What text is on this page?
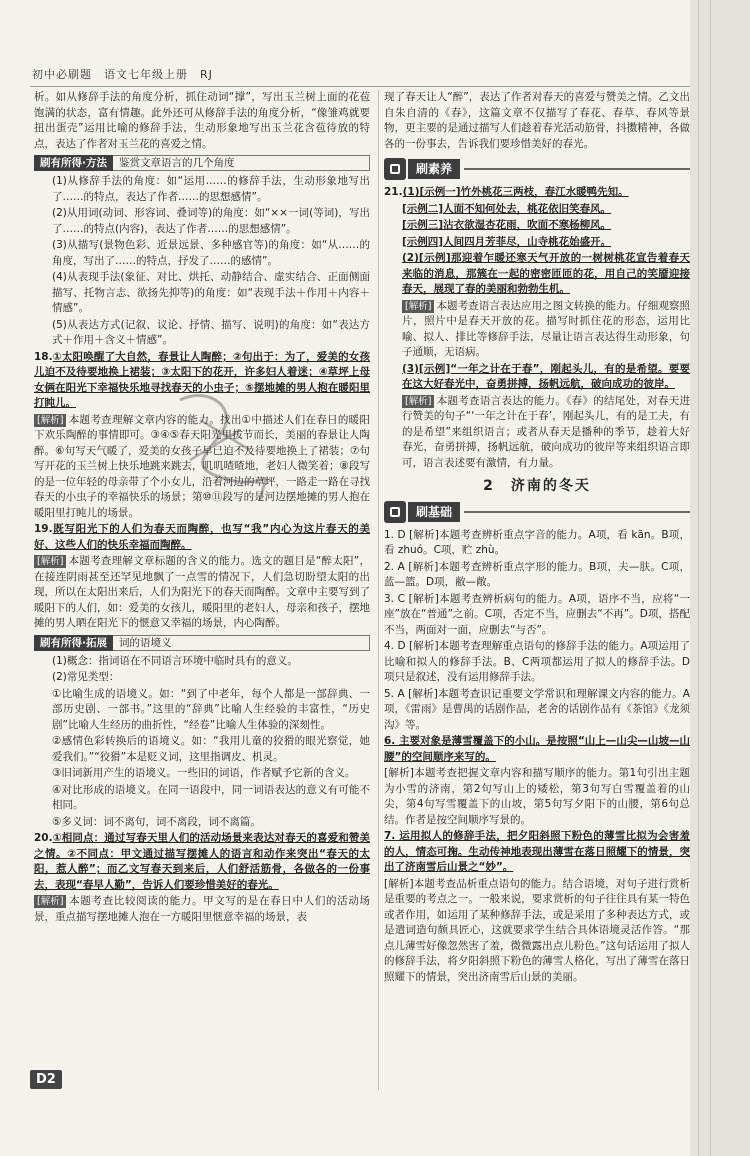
初中必刷题　语文七年级上册　RJ

析。如从修辞手法的角度分析，抓住动词“撑”，写出玉兰树上面的花苞饱满的状态，富有情趣。此外还可从修辞手法的角度分析，“像雏鸡就要扭出蛋壳”运用比喻的修辞手法，生动形象地写出玉兰花含苞待放的特点，表达了作者对玉兰花的喜爱之情。

刷有所得·方法	鉴赏文章语言的几个角度

(1)从修辞手法的角度：如“运用……的修辞手法，生动形象地写出了……的特点，表达了作者……的思想感情”。

(2)从用词(动词、形容词、叠词等)的角度：如“××一词(等词)，写出了……的特点(内容)，表达了作者……的思想感情”。

(3)从描写(景物色彩、近景远景、多种感官等)的角度：如“从……的角度，写出了……的特点，抒发了……的感情”。

(4)从表现手法(象征、对比、烘托、动静结合、虚实结合、正面侧面描写、托物言志、欲扬先抑等)的角度：如“表现手法＋作用＋内容＋情感”。

(5)从表达方式(记叙、议论、抒情、描写、说明)的角度：如“表达方式＋作用＋含义＋情感”。

18.①太阳唤醒了大自然，春景让人陶醉；②句出于：为了，爱美的女孩儿迫不及待要地换上裙装；③太阳下的花开，许多妇人着迷；④草坪上母女俩在阳光下幸福快乐地寻找春天的小虫子；⑤摆地摊的男人抱在暖阳里打盹儿。

[解析] 本题考查理解文章内容的能力。找出①中描述人们在春日的暖阳下欢乐陶醉的事情即可。③④⑤春天阳光里拔节而长，美丽的春景让人陶醉。⑥句写天气暖了，爱美的女孩子早已迫不及待要地换上了裙装；⑦句写开花的玉兰树上快乐地跳来跳去，叽叽喳喳地，老妇人微笑着；⑧段写的是一位年轻的母亲带了个小女儿，沿着河边的草坪，一路走一路在寻找春天的小虫子的幸福快乐的场景；第⑩⑪段写的是河边摆地摊的男人抱在暖阳里打盹儿的场景。

19.既写阳光下的人们为春天而陶醉，也写“我”内心为这片春天的美好、这些人们的快乐幸福而陶醉。

[解析] 本题考查理解文章标题的含义的能力。选文的题目是“醉太阳”，在接连阴雨甚至还罕见地飘了一点雪的情况下，人们急切盼望太阳的出现，所以在太阳出来后，人们为阳光下的春天而陶醉。文章中主要写到了暖阳下的人们，如：爱美的女孩儿，暖阳里的老妇人，母亲和孩子，摆地摊的男人晒在阳光下的惬意又幸福的场景，内心陶醉。

刷有所得·拓展	词的语境义

(1)概念：指词语在不同语言环境中临时具有的意义。

(2)常见类型：

①比喻生成的语境义。如：“到了中老年，每个人都是一部辞典、一部历史剧、一部书。”这里的“辞典”比喻人生经验的丰富性，“历史剧”比喻人生经历的曲折性，“经卷”比喻人生体验的深刻性。

②感情色彩转换后的语境义。如：“我用儿童的狡猾的眼光察觉，她爱我们。”“狡猾”本是贬义词，这里指调皮、机灵。

③旧词新用产生的语境义。一些旧的词语，作者赋予它新的含义。

④对比形成的语境义。在同一语段中，同一词语表达的意义有可能不相同。

⑤多义词：词不离句，词不离段，词不离篇。

20.①相同点：通过写春天里人们的活动场景来表达对春天的喜爱和赞美之情。②不同点：甲文通过描写摆摊人的语言和动作来突出“春天的太阳，惹人醉”；而乙文写春天到来后，人们舒活筋骨，各做各的一份事去，表现“春早人勤”，告诉人们要珍惜美好的春光。

[解析] 本题考查比较阅读的能力。甲文写的是在春日中人们的活动场景，重点描写摆地摊人泡在一方暖阳里惬意幸福的场景，表

现了春天让人“醉”，表达了作者对春天的喜爱与赞美之情。乙文出自朱自清的《春》，这篇文章不仅描写了春花、春草、春风等景物，更主要的是通过描写人们趁着春光活动筋骨，抖擞精神，各做各的一份事去，告诉我们要珍惜美好的春光。

刷素养

21.(1)[示例一]竹外桃花三两枝，春江水暖鸭先知。

[示例二]人面不知何处去，桃花依旧笑春风。

[示例三]沾衣欲湿杏花雨，吹面不寒杨柳风。

[示例四]人间四月芳菲尽，山寺桃花始盛开。

(2)[示例]那迎着乍暖还寒天气开放的一树树桃花宣告着春天来临的消息，那簇在一起的密密匝匝的花，用自己的笑靥迎接春天，展现了春的美丽和勃勃生机。

[解析] 本题考查语言表达应用之图文转换的能力。仔细观察照片，照片中是春天开放的花。描写时抓住花的形态，运用比喻、拟人、排比等修辞手法，尽量让语言表达得生动形象，句子通顺，无语病。

(3)[示例]“一年之计在于春”，刚起头儿，有的是希望。要要在这大好春光中，奋勇拼搏，扬帆远航，破向成功的彼岸。

[解析] 本题考查语言表达的能力。《春》的结尾处，对春天进行赞美的句子“‘一年之计在于春’，刚起头儿，有的是工夫，有的是希望”来组织语言；或者从春天是播种的季节，趁着大好春光，奋勇拼搏，扬帆远航，破向成功的彼岸等来组织语言即可，语言表述要有激情，有力量。

2　济南的冬天
刷基础

1. D [解析]本题考查辨析重点字音的能力。A项，看 kān。B项，看 zhuó。C项，贮 zhù。

2. A [解析]本题考查辨析重点字形的能力。B项，夫—肤。C项，蓝—篮。D项，敝—敞。

3. C [解析]本题考查辨析病句的能力。A项，语序不当，应将“一座”放在“普通”之前。C项，否定不当，应删去“不再”。D项，搭配不当，两面对一面，应删去“与否”。

4. D [解析]本题考查理解重点语句的修辞手法的能力。A项运用了比喻和拟人的修辞手法。B、C两项都运用了拟人的修辞手法。D项只是叙述，没有运用修辞手法。

5. A [解析]本题考查识记重要文学常识和理解课文内容的能力。A项，《雷雨》是曹禺的话剧作品，老舍的话剧作品有《茶馆》《龙须沟》等。

6. 主要对象是薄雪覆盖下的小山。是按照“山上—山尖—山坡—山腰”的空间顺序来写的。

[解析]本题考查把握文章内容和描写顺序的能力。第1句引出主题为小雪的济南，第2句写山上的矮松，第3句写白雪覆盖着的山尖，第4句写雪覆盖下的山坡，第5句写夕阳下的山腰，第6句总结。作者是按空间顺序写景的。

7. 运用拟人的修辞手法，把夕阳斜照下粉色的薄雪比拟为会害羞的人，情态可掬。生动传神地表现出薄雪在落日照耀下的情景，突出了济南雪后山景之“妙”。

[解析]本题考查品析重点语句的能力。结合语境，对句子进行赏析是重要的考点之一。一般来说，要求赏析的句子往往具有某一特色或者作用，如运用了某种修辞手法，或是采用了多种表达方式，或是遣词造句颇具匠心，这就要求学生结合具体语境灵活作答。“那点儿薄雪好像忽然害了羞，微微露出点儿粉色。”这句话运用了拟人的修辞手法，将夕阳斜照下粉色的薄雪人格化，写出了薄雪在落日照耀下的情景，突出济南雪后山景的美丽。

D2
